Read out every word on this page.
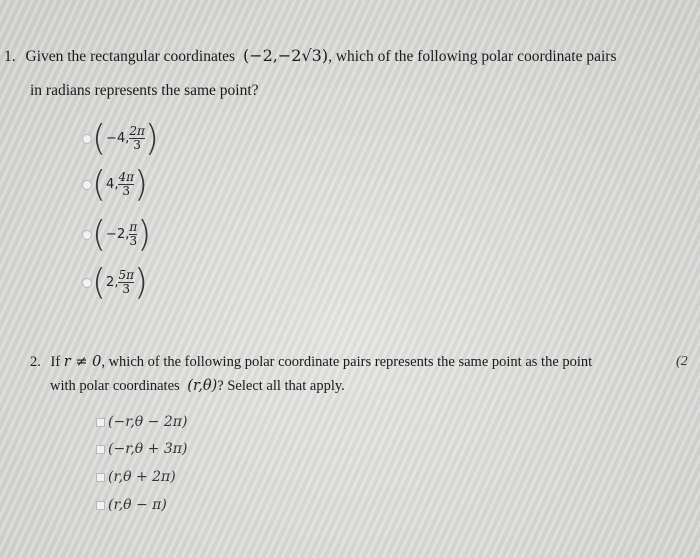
1. Given the rectangular coordinates (−2,−2√3), which of the following polar coordinate pairs
in radians represents the same point?
( −4, $\frac{2\pi}{3}$ )
( 4, $\frac{4\pi}{3}$ )
( −2, $\frac{\pi}{3}$ )
( 2, $\frac{5\pi}{3}$ )
2. If r ≠ 0, which of the following polar coordinate pairs represents the same point as the point	(2
with polar coordinates (r,θ)? Select all that apply.
(−r,θ − 2π)
(−r,θ + 3π)
(r,θ + 2π)
(r,θ − π)
